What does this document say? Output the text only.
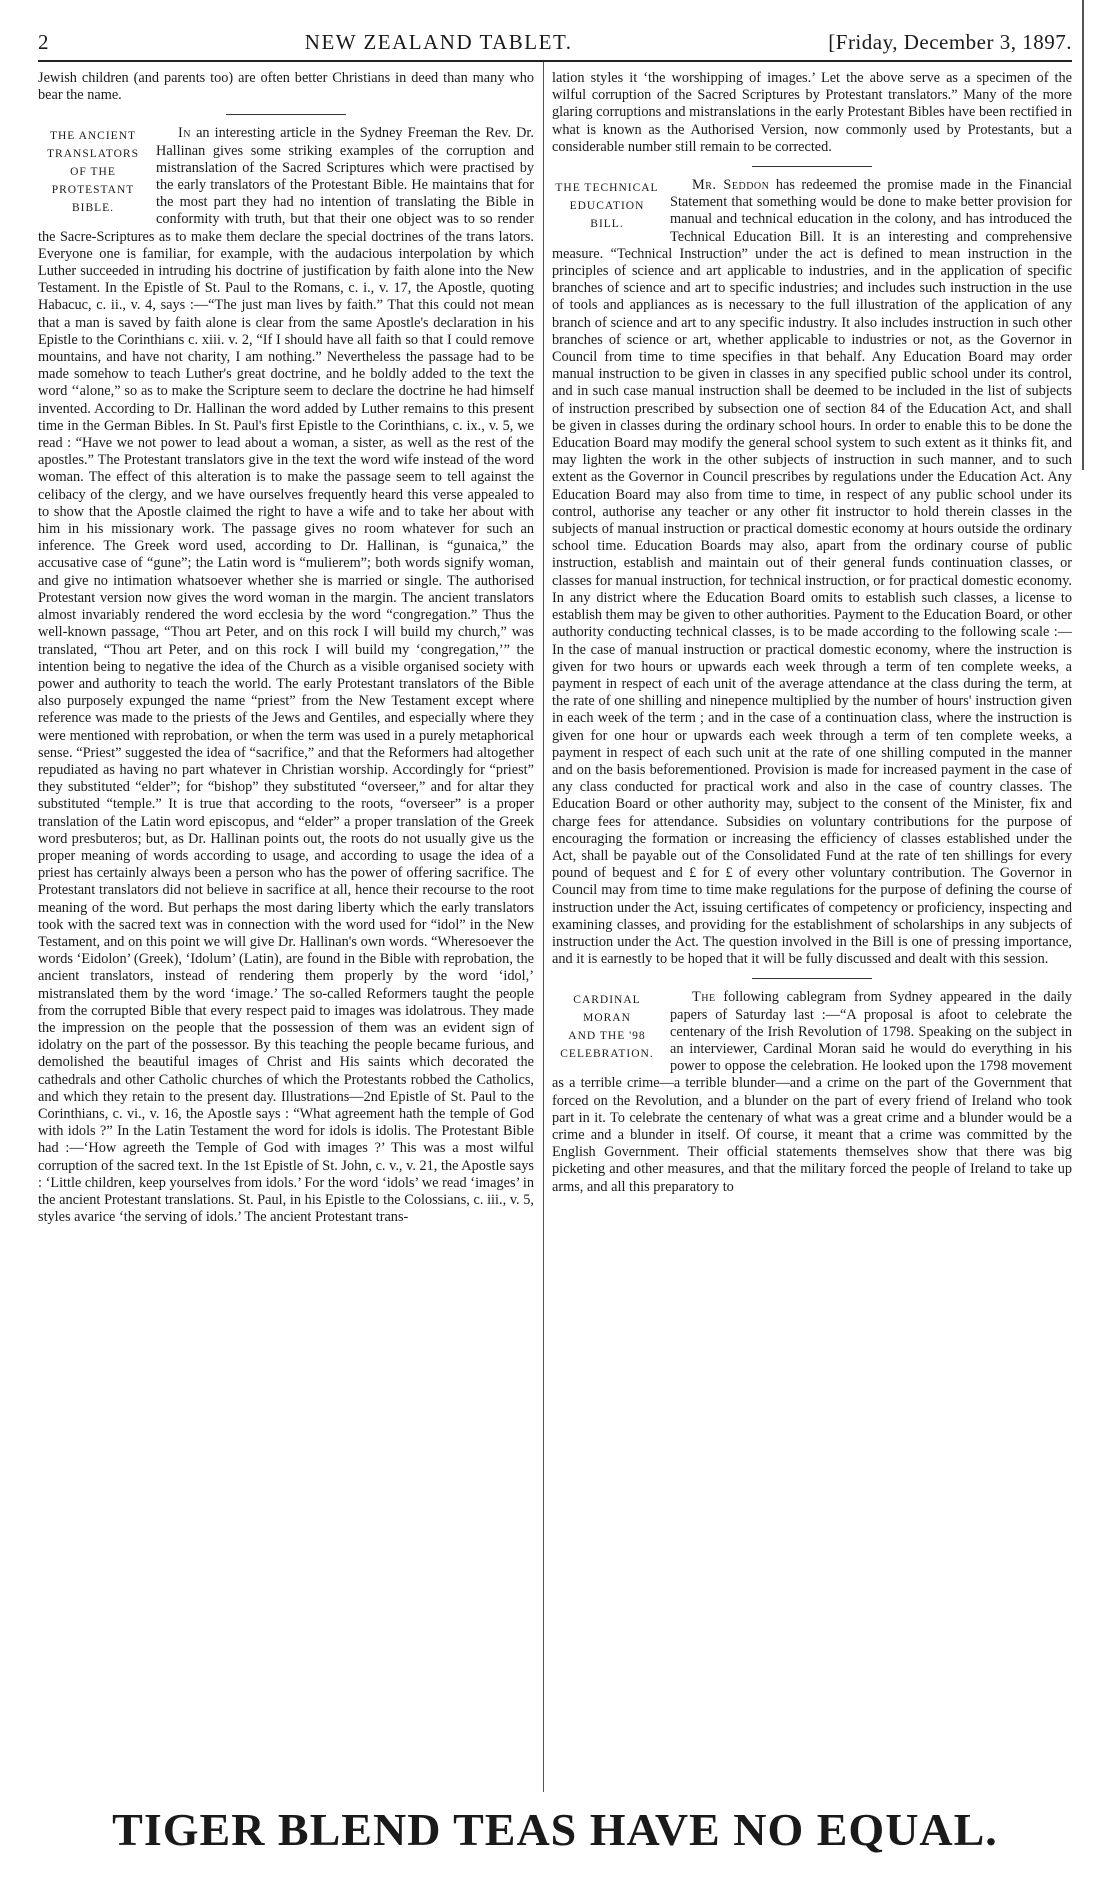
2	NEW ZEALAND TABLET.	[Friday, December 3, 1897.

Jewish children (and parents too) are often better Christians in deed than many who bear the name.

THE ANCIENT
TRANSLATORS
OF THE
PROTESTANT
BIBLE.

In an interesting article in the Sydney Freeman the Rev. Dr. Hallinan gives some striking examples of the corruption and mistranslation of the Sacred Scriptures which were practised by the early translators of the Protestant Bible. He maintains that for the most part they had no intention of translating the Bible in conformity with truth, but that their one object was to so render the Sacre-Scriptures as to make them declare the special doctrines of the trans lators. Everyone one is familiar, for example, with the audacious interpolation by which Luther succeeded in intruding his doctrine of justification by faith alone into the New Testament. In the Epistle of St. Paul to the Romans, c. i., v. 17, the Apostle, quoting Habacuc, c. ii., v. 4, says :—“The just man lives by faith.” That this could not mean that a man is saved by faith alone is clear from the same Apostle's declaration in his Epistle to the Corinthians c. xiii. v. 2, “If I should have all faith so that I could remove mountains, and have not charity, I am nothing.” Nevertheless the passage had to be made somehow to teach Luther's great doctrine, and he boldly added to the text the word ‘‘alone,” so as to make the Scripture seem to declare the doctrine he had himself invented. According to Dr. Hallinan the word added by Luther remains to this present time in the German Bibles. In St. Paul's first Epistle to the Corinthians, c. ix., v. 5, we read : “Have we not power to lead about a woman, a sister, as well as the rest of the apostles.” The Protestant translators give in the text the word wife instead of the word woman. The effect of this alteration is to make the passage seem to tell against the celibacy of the clergy, and we have ourselves frequently heard this verse appealed to to show that the Apostle claimed the right to have a wife and to take her about with him in his missionary work. The passage gives no room whatever for such an inference. The Greek word used, according to Dr. Hallinan, is “gunaica,” the accusative case of “gune”; the Latin word is “mulierem”; both words signify woman, and give no intimation whatsoever whether she is married or single. The authorised Protestant version now gives the word woman in the margin. The ancient translators almost invariably rendered the word ecclesia by the word “congregation.” Thus the well-known passage, “Thou art Peter, and on this rock I will build my church,” was translated, “Thou art Peter, and on this rock I will build my ‘congregation,’” the intention being to negative the idea of the Church as a visible organised society with power and authority to teach the world. The early Protestant translators of the Bible also purposely expunged the name “priest” from the New Testament except where reference was made to the priests of the Jews and Gentiles, and especially where they were mentioned with reprobation, or when the term was used in a purely metaphorical sense. “Priest” suggested the idea of “sacrifice,” and that the Reformers had altogether repudiated as having no part whatever in Christian worship. Accordingly for “priest” they substituted “elder”; for “bishop” they substituted “overseer,” and for altar they substituted “temple.” It is true that according to the roots, “overseer” is a proper translation of the Latin word episcopus, and “elder” a proper translation of the Greek word presbuteros; but, as Dr. Hallinan points out, the roots do not usually give us the proper meaning of words according to usage, and according to usage the idea of a priest has certainly always been a person who has the power of offering sacrifice. The Protestant translators did not believe in sacrifice at all, hence their recourse to the root meaning of the word. But perhaps the most daring liberty which the early translators took with the sacred text was in connection with the word used for “idol” in the New Testament, and on this point we will give Dr. Hallinan's own words. “Wheresoever the words ‘Eidolon’ (Greek), ‘Idolum’ (Latin), are found in the Bible with reprobation, the ancient translators, instead of rendering them properly by the word ‘idol,’ mistranslated them by the word ‘image.’ The so-called Reformers taught the people from the corrupted Bible that every respect paid to images was idolatrous. They made the impression on the people that the possession of them was an evident sign of idolatry on the part of the possessor. By this teaching the people became furious, and demolished the beautiful images of Christ and His saints which decorated the cathedrals and other Catholic churches of which the Protestants robbed the Catholics, and which they retain to the present day. Illustrations—2nd Epistle of St. Paul to the Corinthians, c. vi., v. 16, the Apostle says : “What agreement hath the temple of God with idols ?” In the Latin Testament the word for idols is idolis. The Protestant Bible had :—‘How agreeth the Temple of God with images ?’ This was a most wilful corruption of the sacred text. In the 1st Epistle of St. John, c. v., v. 21, the Apostle says : ‘Little children, keep yourselves from idols.’ For the word ‘idols’ we read ‘images’ in the ancient Protestant translations. St. Paul, in his Epistle to the Colossians, c. iii., v. 5, styles avarice ‘the serving of idols.’ The ancient Protestant trans-

lation styles it ‘the worshipping of images.’ Let the above serve as a specimen of the wilful corruption of the Sacred Scriptures by Protestant translators.” Many of the more glaring corruptions and mistranslations in the early Protestant Bibles have been rectified in what is known as the Authorised Version, now commonly used by Protestants, but a considerable number still remain to be corrected.

THE TECHNICAL
EDUCATION
BILL.

Mr. Seddon has redeemed the promise made in the Financial Statement that something would be done to make better provision for manual and technical education in the colony, and has introduced the Technical Education Bill. It is an interesting and comprehensive measure. “Technical Instruction” under the act is defined to mean instruction in the principles of science and art applicable to industries, and in the application of specific branches of science and art to specific industries; and includes such instruction in the use of tools and appliances as is necessary to the full illustration of the application of any branch of science and art to any specific industry. It also includes instruction in such other branches of science or art, whether applicable to industries or not, as the Governor in Council from time to time specifies in that behalf. Any Education Board may order manual instruction to be given in classes in any specified public school under its control, and in such case manual instruction shall be deemed to be included in the list of subjects of instruction prescribed by subsection one of section 84 of the Education Act, and shall be given in classes during the ordinary school hours. In order to enable this to be done the Education Board may modify the general school system to such extent as it thinks fit, and may lighten the work in the other subjects of instruction in such manner, and to such extent as the Governor in Council prescribes by regulations under the Education Act. Any Education Board may also from time to time, in respect of any public school under its control, authorise any teacher or any other fit instructor to hold therein classes in the subjects of manual instruction or practical domestic economy at hours outside the ordinary school time. Education Boards may also, apart from the ordinary course of public instruction, establish and maintain out of their general funds continuation classes, or classes for manual instruction, for technical instruction, or for practical domestic economy. In any district where the Education Board omits to establish such classes, a license to establish them may be given to other authorities. Payment to the Education Board, or other authority conducting technical classes, is to be made according to the following scale :—In the case of manual instruction or practical domestic economy, where the instruction is given for two hours or upwards each week through a term of ten complete weeks, a payment in respect of each unit of the average attendance at the class during the term, at the rate of one shilling and ninepence multiplied by the number of hours' instruction given in each week of the term ; and in the case of a continuation class, where the instruction is given for one hour or upwards each week through a term of ten complete weeks, a payment in respect of each such unit at the rate of one shilling computed in the manner and on the basis beforementioned. Provision is made for increased payment in the case of any class conducted for practical work and also in the case of country classes. The Education Board or other authority may, subject to the consent of the Minister, fix and charge fees for attendance. Subsidies on voluntary contributions for the purpose of encouraging the formation or increasing the efficiency of classes established under the Act, shall be payable out of the Consolidated Fund at the rate of ten shillings for every pound of bequest and £ for £ of every other voluntary contribution. The Governor in Council may from time to time make regulations for the purpose of defining the course of instruction under the Act, issuing certificates of competency or proficiency, inspecting and examining classes, and providing for the establishment of scholarships in any subjects of instruction under the Act. The question involved in the Bill is one of pressing importance, and it is earnestly to be hoped that it will be fully discussed and dealt with this session.

CARDINAL
MORAN
AND THE '98
CELEBRATION.

The following cablegram from Sydney appeared in the daily papers of Saturday last :—“A proposal is afoot to celebrate the centenary of the Irish Revolution of 1798. Speaking on the subject in an interviewer, Cardinal Moran said he would do everything in his power to oppose the celebration. He looked upon the 1798 movement as a terrible crime—a terrible blunder—and a crime on the part of the Government that forced on the Revolution, and a blunder on the part of every friend of Ireland who took part in it. To celebrate the centenary of what was a great crime and a blunder would be a crime and a blunder in itself. Of course, it meant that a crime was committed by the English Government. Their official statements themselves show that there was big picketing and other measures, and that the military forced the people of Ireland to take up arms, and all this preparatory to

TIGER BLEND TEAS HAVE NO EQUAL.
